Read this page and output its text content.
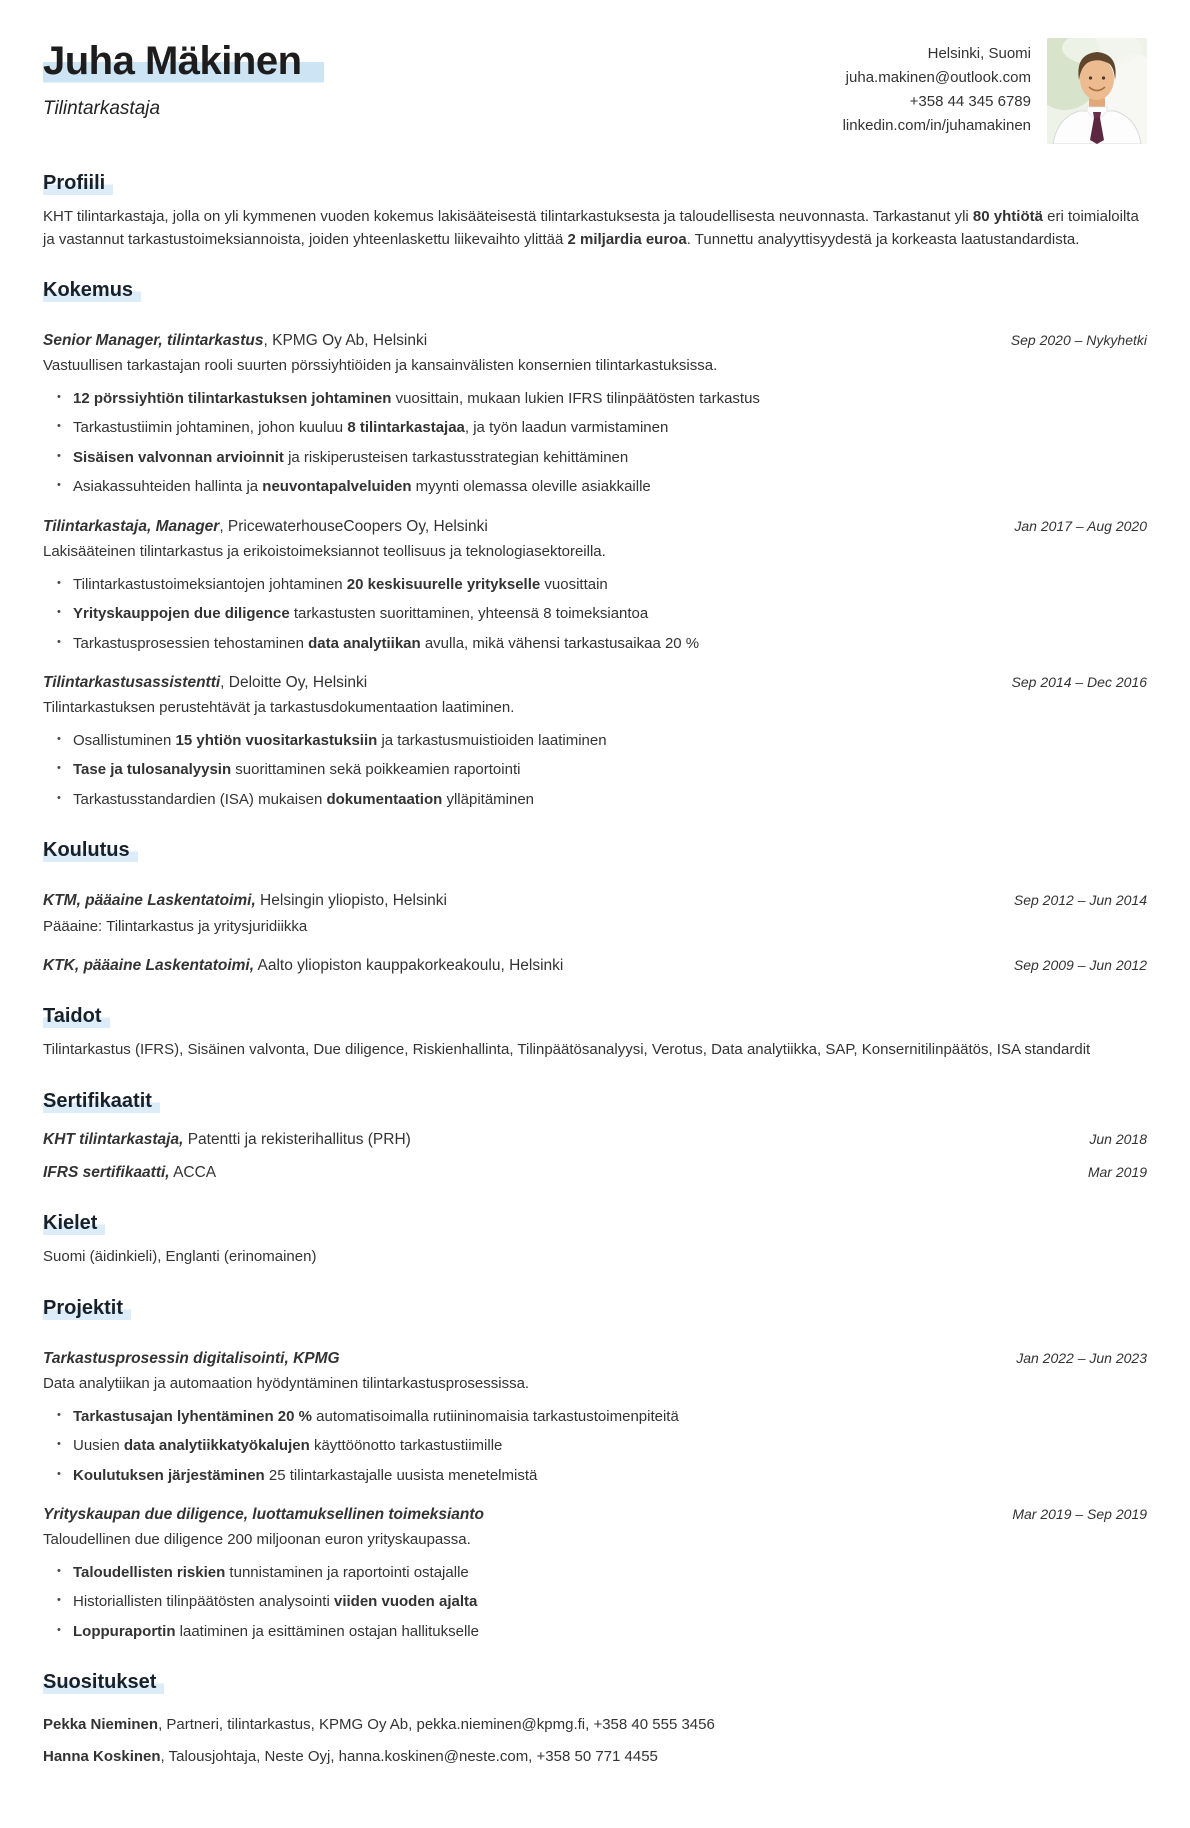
Juha Mäkinen
Tilintarkastaja
Helsinki, Suomi
juha.makinen@outlook.com
+358 44 345 6789
linkedin.com/in/juhamakinen
Profiili

KHT tilintarkastaja, jolla on yli kymmenen vuoden kokemus lakisääteisestä tilintarkastuksesta ja taloudellisesta neuvonnasta. Tarkastanut yli 80 yhtiötä eri toimialoilta ja vastannut tarkastustoimeksiannoista, joiden yhteenlaskettu liikevaihto ylittää 2 miljardia euroa. Tunnettu analyyttisyydestä ja korkeasta laatustandardista.

Kokemus
Senior Manager, tilintarkastus, KPMG Oy Ab, Helsinki	Sep 2020 – Nykyhetki
Vastuullisen tarkastajan rooli suurten pörssiyhtiöiden ja kansainvälisten konsernien tilintarkastuksissa.
• 12 pörssiyhtiön tilintarkastuksen johtaminen vuosittain, mukaan lukien IFRS tilinpäätösten tarkastus
• Tarkastustiimin johtaminen, johon kuuluu 8 tilintarkastajaa, ja työn laadun varmistaminen
• Sisäisen valvonnan arvioinnit ja riskiperusteisen tarkastusstrategian kehittäminen
• Asiakassuhteiden hallinta ja neuvontapalveluiden myynti olemassa oleville asiakkaille
Tilintarkastaja, Manager, PricewaterhouseCoopers Oy, Helsinki	Jan 2017 – Aug 2020
Lakisääteinen tilintarkastus ja erikoistoimeksiannot teollisuus ja teknologiasektoreilla.
• Tilintarkastustoimeksiantojen johtaminen 20 keskisuurelle yritykselle vuosittain
• Yrityskauppojen due diligence tarkastusten suorittaminen, yhteensä 8 toimeksiantoa
• Tarkastusprosessien tehostaminen data analytiikan avulla, mikä vähensi tarkastusaikaa 20 %
Tilintarkastusassistentti, Deloitte Oy, Helsinki	Sep 2014 – Dec 2016
Tilintarkastuksen perustehtävät ja tarkastusdokumentaation laatiminen.
• Osallistuminen 15 yhtiön vuositarkastuksiin ja tarkastusmuistioiden laatiminen
• Tase ja tulosanalyysin suorittaminen sekä poikkeamien raportointi
• Tarkastusstandardien (ISA) mukaisen dokumentaation ylläpitäminen
Koulutus
KTM, pääaine Laskentatoimi, Helsingin yliopisto, Helsinki	Sep 2012 – Jun 2014
Pääaine: Tilintarkastus ja yritysjuridiikka
KTK, pääaine Laskentatoimi, Aalto yliopiston kauppakorkeakoulu, Helsinki	Sep 2009 – Jun 2012
Taidot

Tilintarkastus (IFRS), Sisäinen valvonta, Due diligence, Riskienhallinta, Tilinpäätösanalyysi, Verotus, Data analytiikka, SAP, Konsernitilinpäätös, ISA standardit

Sertifikaatit
KHT tilintarkastaja, Patentti ja rekisterihallitus (PRH)	Jun 2018
IFRS sertifikaatti, ACCA	Mar 2019
Kielet

Suomi (äidinkieli), Englanti (erinomainen)

Projektit
Tarkastusprosessin digitalisointi, KPMG	Jan 2022 – Jun 2023
Data analytiikan ja automaation hyödyntäminen tilintarkastusprosessissa.
• Tarkastusajan lyhentäminen 20 % automatisoimalla rutiininomaisia tarkastustoimenpiteitä
• Uusien data analytiikkatyökalujen käyttöönotto tarkastustiimille
• Koulutuksen järjestäminen 25 tilintarkastajalle uusista menetelmistä
Yrityskaupan due diligence, luottamuksellinen toimeksianto	Mar 2019 – Sep 2019
Taloudellinen due diligence 200 miljoonan euron yrityskaupassa.
• Taloudellisten riskien tunnistaminen ja raportointi ostajalle
• Historiallisten tilinpäätösten analysointi viiden vuoden ajalta
• Loppuraportin laatiminen ja esittäminen ostajan hallitukselle
Suositukset
Pekka Nieminen, Partneri, tilintarkastus, KPMG Oy Ab, pekka.nieminen@kpmg.fi, +358 40 555 3456
Hanna Koskinen, Talousjohtaja, Neste Oyj, hanna.koskinen@neste.com, +358 50 771 4455
